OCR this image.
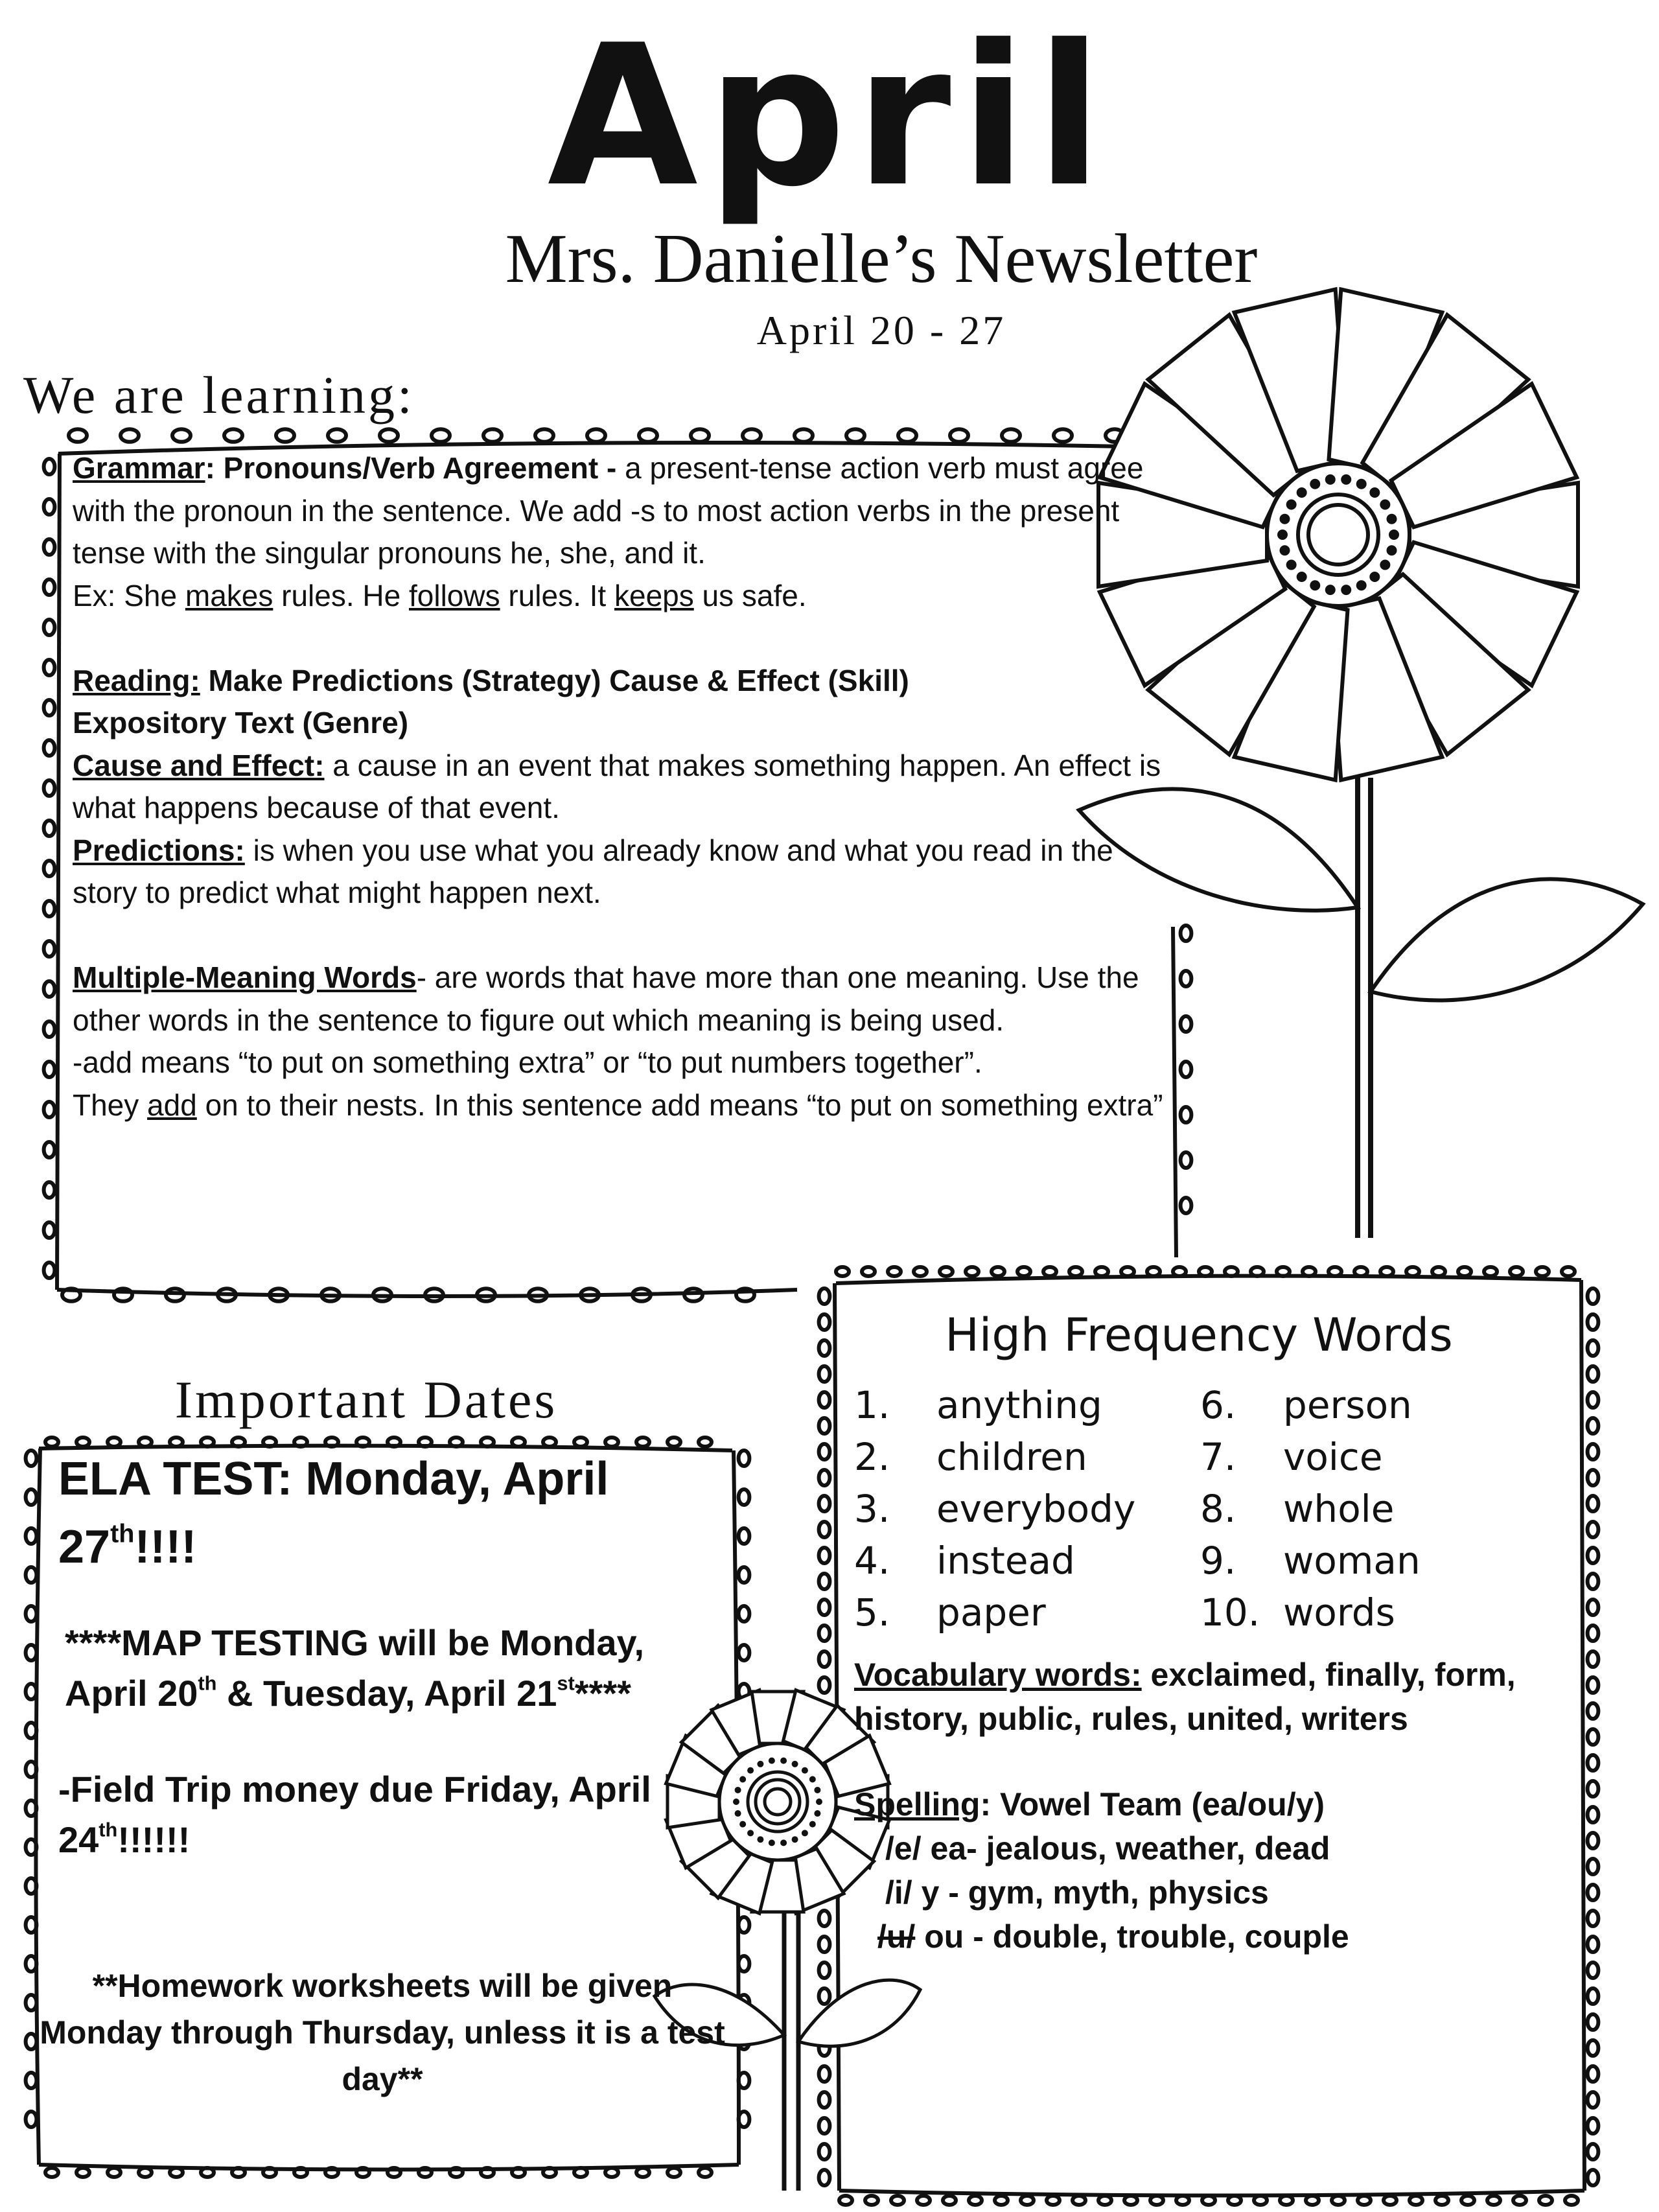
April
Mrs. Danielle’s Newsletter
April 20 - 27
We are learning:

Grammar: Pronouns/Verb Agreement - a present-tense action verb must agree with the pronoun in the sentence. We add -s to most action verbs in the present tense with the singular pronouns he, she, and it.

Ex: She makes rules. He follows rules. It keeps us safe.

Reading: Make Predictions (Strategy) Cause & Effect (Skill)

Expository Text (Genre)

Cause and Effect: a cause in an event that makes something happen. An effect is what happens because of that event.

Predictions: is when you use what you already know and what you read in the story to predict what might happen next.

Multiple-Meaning Words- are words that have more than one meaning. Use the other words in the sentence to figure out which meaning is being used.

-add means “to put on something extra” or “to put numbers together”.

They add on to their nests. In this sentence add means “to put on something extra”

Important Dates

ELA TEST: Monday, April 27th!!!!

****MAP TESTING will be Monday, April 20th & Tuesday, April 21st****

-Field Trip money due Friday, April 24th!!!!!!

**Homework worksheets will be given Monday through Thursday, unless it is a test day**

High Frequency Words
1. anything
2. children
3. everybody
4. instead
5. paper
6. person
7. voice
8. whole
9. woman
10. words
Vocabulary words: exclaimed, finally, form, history, public, rules, united, writers

Spelling: Vowel Team (ea/ou/y)

/e/ ea- jealous, weather, dead

/i/ y - gym, myth, physics

/u/ ou - double, trouble, couple
